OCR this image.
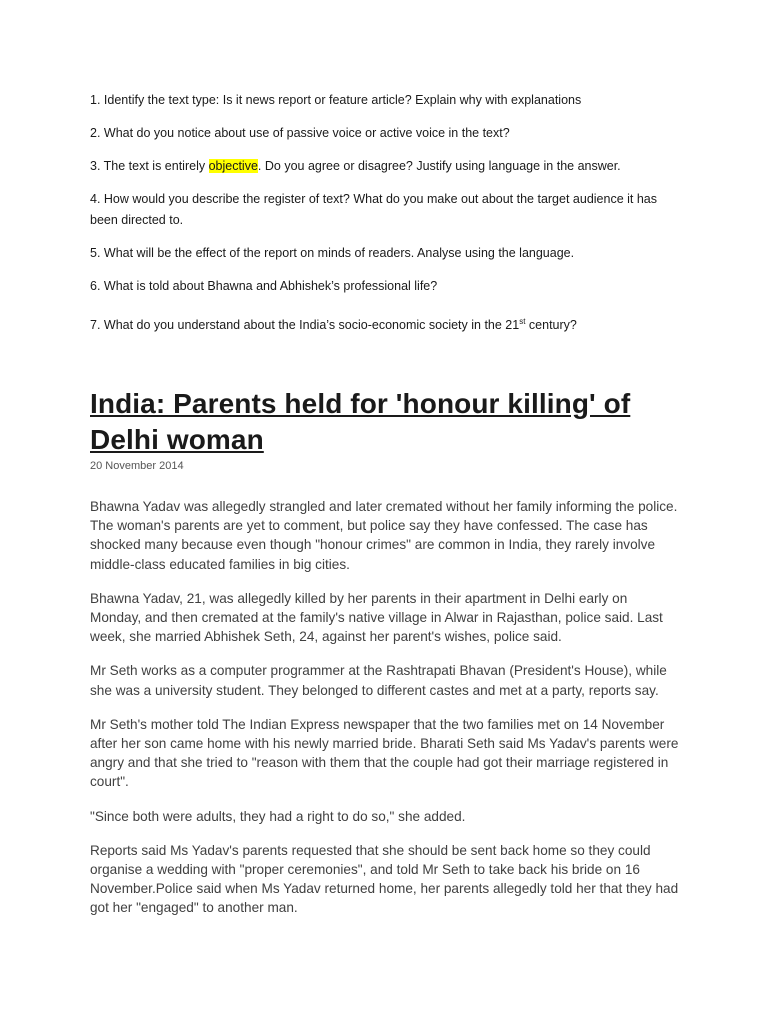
1. Identify the text type: Is it news report or feature article? Explain why with explanations

2. What do you notice about use of passive voice or active voice in the text?

3. The text is entirely objective. Do you agree or disagree? Justify using language in the answer.

4. How would you describe the register of text? What do you make out about the target audience it has been directed to.

5. What will be the effect of the report on minds of readers. Analyse using the language.

6. What is told about Bhawna and Abhishek’s professional life?

7. What do you understand about the India’s socio-economic society in the 21st century?

India: Parents held for 'honour killing' of Delhi woman
20 November 2014

Bhawna Yadav was allegedly strangled and later cremated without her family informing the police. The woman's parents are yet to comment, but police say they have confessed. The case has shocked many because even though "honour crimes" are common in India, they rarely involve middle-class educated families in big cities.

Bhawna Yadav, 21, was allegedly killed by her parents in their apartment in Delhi early on Monday, and then cremated at the family's native village in Alwar in Rajasthan, police said. Last week, she married Abhishek Seth, 24, against her parent's wishes, police said.

Mr Seth works as a computer programmer at the Rashtrapati Bhavan (President's House), while she was a university student. They belonged to different castes and met at a party, reports say.

Mr Seth's mother told The Indian Express newspaper that the two families met on 14 November after her son came home with his newly married bride. Bharati Seth said Ms Yadav's parents were angry and that she tried to "reason with them that the couple had got their marriage registered in court".

"Since both were adults, they had a right to do so," she added.

Reports said Ms Yadav's parents requested that she should be sent back home so they could organise a wedding with "proper ceremonies", and told Mr Seth to take back his bride on 16 November.Police said when Ms Yadav returned home, her parents allegedly told her that they had got her "engaged" to another man.
